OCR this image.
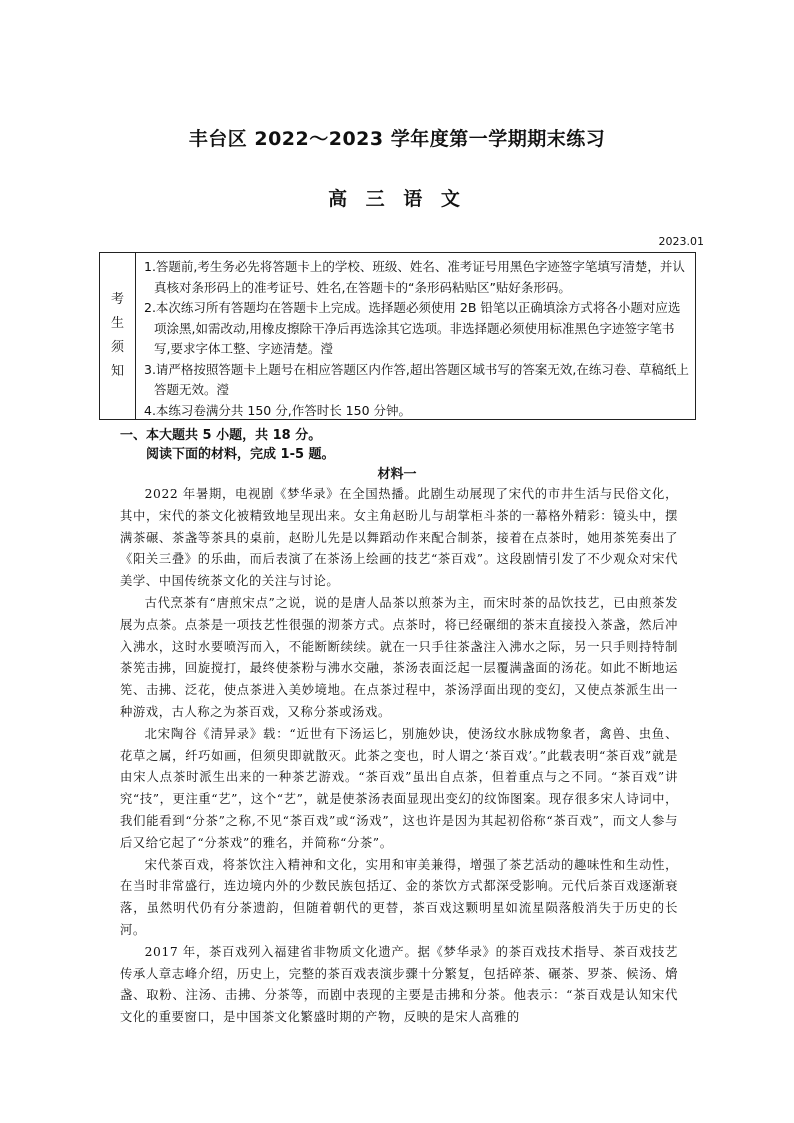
丰台区 2022～2023 学年度第一学期期末练习
高 三 语 文
2023.01
考
生
须
知

1.答题前,考生务必先将答题卡上的学校、班级、姓名、准考证号用黑色字迹签字笔填写清楚，并认真核对条形码上的准考证号、姓名,在答题卡的“条形码粘贴区”贴好条形码。

2.本次练习所有答题均在答题卡上完成。选择题必须使用 2B 铅笔以正确填涂方式将各小题对应选项涂黑,如需改动,用橡皮擦除干净后再选涂其它选项。非选择题必须使用标准黑色字迹签字笔书写,要求字体工整、字迹清楚。瀅

3.请严格按照答题卡上题号在相应答题区内作答,超出答题区域书写的答案无效,在练习卷、草稿纸上答题无效。瀅

4.本练习卷满分共 150 分,作答时长 150 分钟。

一、本大题共 5 小题，共 18 分。
阅读下面的材料，完成 1-5 题。
材料一

2022 年暑期，电视剧《梦华录》在全国热播。此剧生动展现了宋代的市井生活与民俗文化，其中，宋代的茶文化被精致地呈现出来。女主角赵盼儿与胡掌柜斗茶的一幕格外精彩：镜头中，摆满茶碾、茶盏等茶具的桌前，赵盼儿先是以舞蹈动作来配合制茶，接着在点茶时，她用茶筅奏出了《阳关三叠》的乐曲，而后表演了在茶汤上绘画的技艺“茶百戏”。这段剧情引发了不少观众对宋代美学、中国传统茶文化的关注与讨论。

古代烹茶有“唐煎宋点”之说，说的是唐人品茶以煎茶为主，而宋时茶的品饮技艺，已由煎茶发展为点茶。点茶是一项技艺性很强的沏茶方式。点茶时，将已经碾细的茶末直接投入茶盏，然后冲入沸水，这时水要喷泻而入，不能断断续续。就在一只手往茶盏注入沸水之际，另一只手则持特制茶筅击拂，回旋搅打，最终使茶粉与沸水交融，茶汤表面泛起一层覆满盏面的汤花。如此不断地运筅、击拂、泛花，使点茶进入美妙境地。在点茶过程中，茶汤浮面出现的变幻，又使点茶派生出一种游戏，古人称之为茶百戏，又称分茶或汤戏。

北宋陶谷《清异录》载：“近世有下汤运匕，别施妙诀，使汤纹水脉成物象者，禽兽、虫鱼、花草之属，纤巧如画，但须臾即就散灭。此茶之变也，时人谓之‘茶百戏’。”此载表明“茶百戏”就是由宋人点茶时派生出来的一种茶艺游戏。“茶百戏”虽出自点茶，但着重点与之不同。“茶百戏”讲究“技”，更注重“艺”，这个“艺”，就是使茶汤表面显现出变幻的纹饰图案。现存很多宋人诗词中，我们能看到“分茶”之称,不见“茶百戏”或“汤戏”，这也许是因为其起初俗称“茶百戏”，而文人参与后又给它起了“分茶戏”的雅名，并简称“分茶”。

宋代茶百戏，将茶饮注入精神和文化，实用和审美兼得，增强了茶艺活动的趣味性和生动性，在当时非常盛行，连边境内外的少数民族包括辽、金的茶饮方式都深受影响。元代后茶百戏逐渐衰落，虽然明代仍有分茶遗韵，但随着朝代的更替，茶百戏这颗明星如流星陨落般消失于历史的长河。

2017 年，茶百戏列入福建省非物质文化遗产。据《梦华录》的茶百戏技术指导、茶百戏技艺传承人章志峰介绍，历史上，完整的茶百戏表演步骤十分繁复，包括碎茶、碾茶、罗茶、候汤、熁盏、取粉、注汤、击拂、分茶等，而剧中表现的主要是击拂和分茶。他表示：“茶百戏是认知宋代文化的重要窗口，是中国茶文化繁盛时期的产物，反映的是宋人高雅的
